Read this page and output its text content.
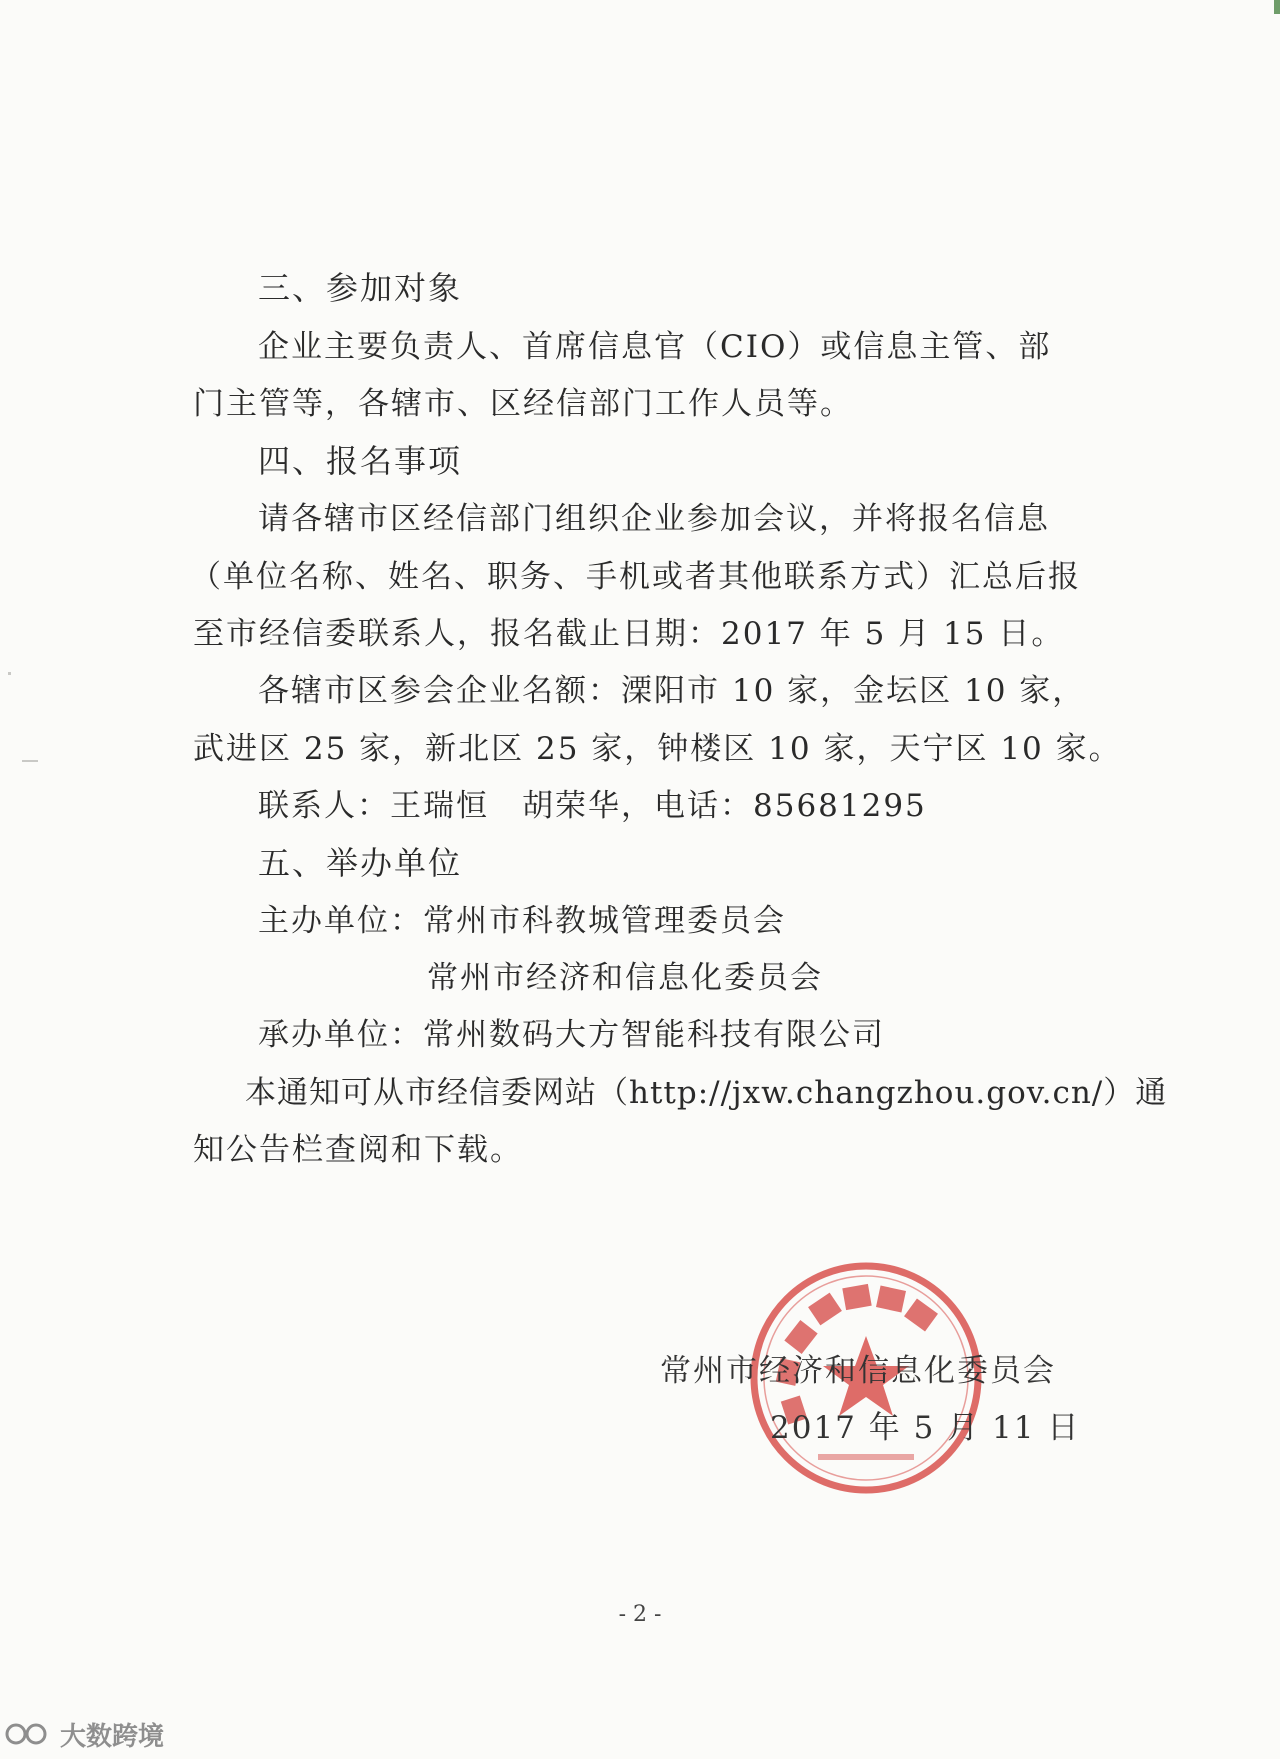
三、参加对象
企业主要负责人、首席信息官（CIO）或信息主管、部
门主管等，各辖市、区经信部门工作人员等。
四、报名事项
请各辖市区经信部门组织企业参加会议，并将报名信息
（单位名称、姓名、职务、手机或者其他联系方式）汇总后报
至市经信委联系人，报名截止日期：2017 年 5 月 15 日。
各辖市区参会企业名额：溧阳市 10 家，金坛区 10 家，
武进区 25 家，新北区 25 家，钟楼区 10 家，天宁区 10 家。
联系人：王瑞恒　胡荣华，电话：85681295
五、举办单位
主办单位：常州市科教城管理委员会
常州市经济和信息化委员会
承办单位：常州数码大方智能科技有限公司
本通知可从市经信委网站（http://jxw.changzhou.gov.cn/）通
知公告栏查阅和下载。
常州市经济和信息化委员会
2017 年 5 月 11 日
- 2 -
大数跨境
